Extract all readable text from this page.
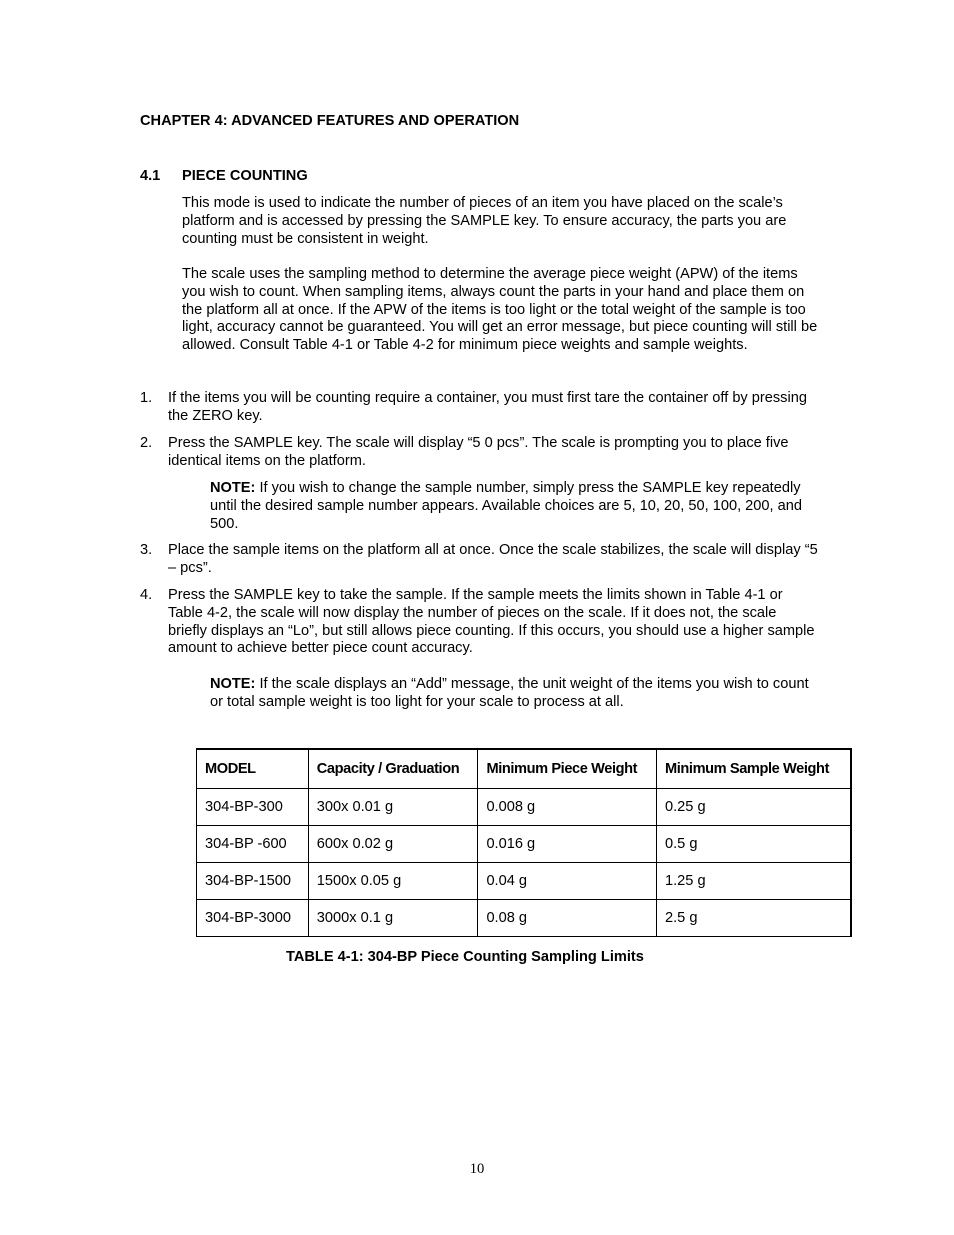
CHAPTER 4: ADVANCED FEATURES AND OPERATION
4.1 PIECE COUNTING
This mode is used to indicate the number of pieces of an item you have placed on the scale’s platform and is accessed by pressing the SAMPLE key. To ensure accuracy, the parts you are counting must be consistent in weight.
The scale uses the sampling method to determine the average piece weight (APW) of the items you wish to count. When sampling items, always count the parts in your hand and place them on the platform all at once. If the APW of the items is too light or the total weight of the sample is too light, accuracy cannot be guaranteed. You will get an error message, but piece counting will still be allowed. Consult Table 4-1 or Table 4-2 for minimum piece weights and sample weights.
1. If the items you will be counting require a container, you must first tare the container off by pressing the ZERO key.
2. Press the SAMPLE key. The scale will display “5 0 pcs”. The scale is prompting you to place five identical items on the platform.
NOTE: If you wish to change the sample number, simply press the SAMPLE key repeatedly until the desired sample number appears. Available choices are 5, 10, 20, 50, 100, 200, and 500.
3. Place the sample items on the platform all at once. Once the scale stabilizes, the scale will display “5 – pcs”.
4. Press the SAMPLE key to take the sample. If the sample meets the limits shown in Table 4-1 or Table 4-2, the scale will now display the number of pieces on the scale. If it does not, the scale briefly displays an “Lo”, but still allows piece counting. If this occurs, you should use a higher sample amount to achieve better piece count accuracy.
NOTE: If the scale displays an “Add” message, the unit weight of the items you wish to count or total sample weight is too light for your scale to process at all.
MODEL	Capacity / Graduation	Minimum Piece Weight	Minimum Sample Weight
304-BP-300	300x 0.01 g	0.008 g	0.25 g
304-BP -600	600x 0.02 g	0.016 g	0.5 g
304-BP-1500	1500x 0.05 g	0.04 g	1.25 g
304-BP-3000	3000x 0.1 g	0.08 g	2.5 g
TABLE 4-1: 304-BP Piece Counting Sampling Limits
10
